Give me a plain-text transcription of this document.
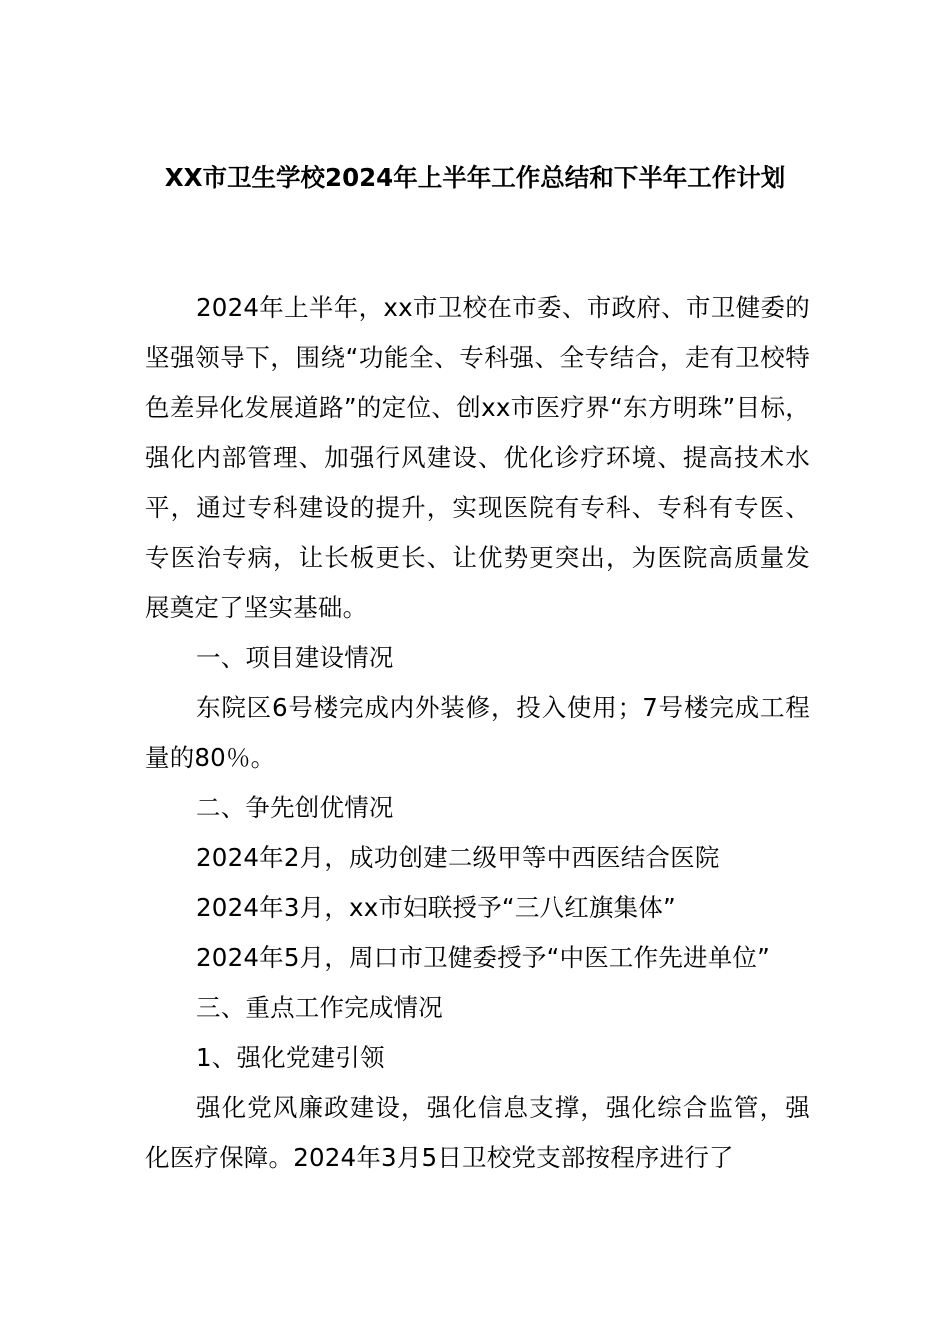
XX市卫生学校2024年上半年工作总结和下半年工作计划

2024年上半年，xx市卫校在市委、市政府、市卫健委的坚强领导下，围绕“功能全、专科强、全专结合，走有卫校特色差异化发展道路”的定位、创xx市医疗界“东方明珠”目标，强化内部管理、加强行风建设、优化诊疗环境、提高技术水平，通过专科建设的提升，实现医院有专科、专科有专医、专医治专病，让长板更长、让优势更突出，为医院高质量发展奠定了坚实基础。

一、项目建设情况

东院区6号楼完成内外装修，投入使用；7号楼完成工程量的80％。

二、争先创优情况

2024年2月，成功创建二级甲等中西医结合医院

2024年3月，xx市妇联授予“三八红旗集体”

2024年5月，周口市卫健委授予“中医工作先进单位”

三、重点工作完成情况

1、强化党建引领

强化党风廉政建设，强化信息支撑，强化综合监管，强化医疗保障。2024年3月5日卫校党支部按程序进行了
